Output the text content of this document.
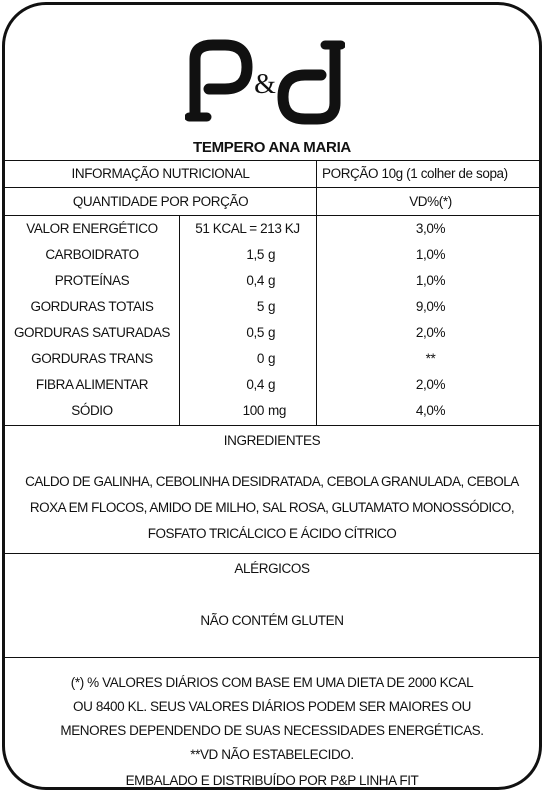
&
TEMPERO ANA MARIA
INFORMAÇÃO NUTRICIONAL	PORÇÃO 10g (1 colher de sopa)
QUANTIDADE POR PORÇÃO	VD%(*)
VALOR ENERGÉTICO	51 KCAL = 213 KJ	3,0%
CARBOIDRATO	1,5 g	1,0%
PROTEÍNAS	0,4 g	1,0%
GORDURAS TOTAIS	5 g	9,0%
GORDURAS SATURADAS	0,5 g	2,0%
GORDURAS TRANS	0 g	**
FIBRA ALIMENTAR	0,4 g	2,0%
SÓDIO	100 mg	4,0%
INGREDIENTES
CALDO DE GALINHA, CEBOLINHA DESIDRATADA, CEBOLA GRANULADA, CEBOLA ROXA EM FLOCOS, AMIDO DE MILHO, SAL ROSA, GLUTAMATO MONOSSÓDICO, FOSFATO TRICÁLCICO E ÁCIDO CÍTRICO
ALÉRGICOS
NÃO CONTÉM GLUTEN
(*) % VALORES DIÁRIOS COM BASE EM UMA DIETA DE 2000 KCAL
OU 8400 KL. SEUS VALORES DIÁRIOS PODEM SER MAIORES OU
MENORES DEPENDENDO DE SUAS NECESSIDADES ENERGÉTICAS.
**VD NÃO ESTABELECIDO.
EMBALADO E DISTRIBUÍDO POR P&P LINHA FIT
